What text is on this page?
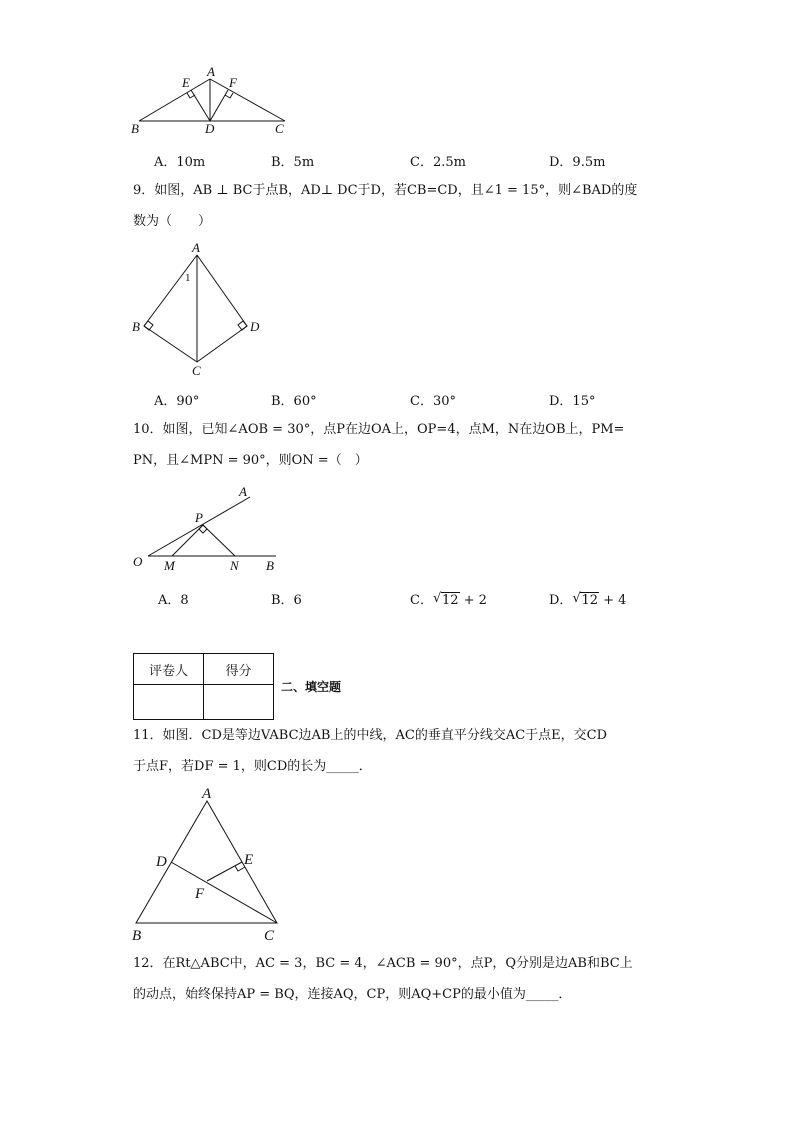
A
E	F
B	D	C
A．10m	B．5m	C．2.5m	D．9.5m
9．如图，AB ⊥ BC于点B，AD⊥ DC于D，若CB=CD，且∠1 = 15°，则∠BAD的度
数为（　　）
A
1
B	D
C
A．90°	B．60°	C．30°	D．15°
10．如图，已知∠AOB = 30°，点P在边OA上，OP=4，点M，N在边OB上，PM=
PN，且∠MPN = 90°，则ON =（　）
A
P
O M	N B
A．8	B．6	C． √ 12 + 2	D． √ 12 + 4
评卷人	得分

二、填空题
11．如图．CD是等边VABC边AB上的中线，AC的垂直平分线交AC于点E，交CD
于点F，若DF = 1，则CD的长为_____．
A
D	E
F
B	C
12．在Rt△ABC中，AC = 3，BC = 4，∠ACB = 90°，点P，Q分别是边AB和BC上
的动点，始终保持AP = BQ，连接AQ，CP，则AQ+CP的最小值为_____．
